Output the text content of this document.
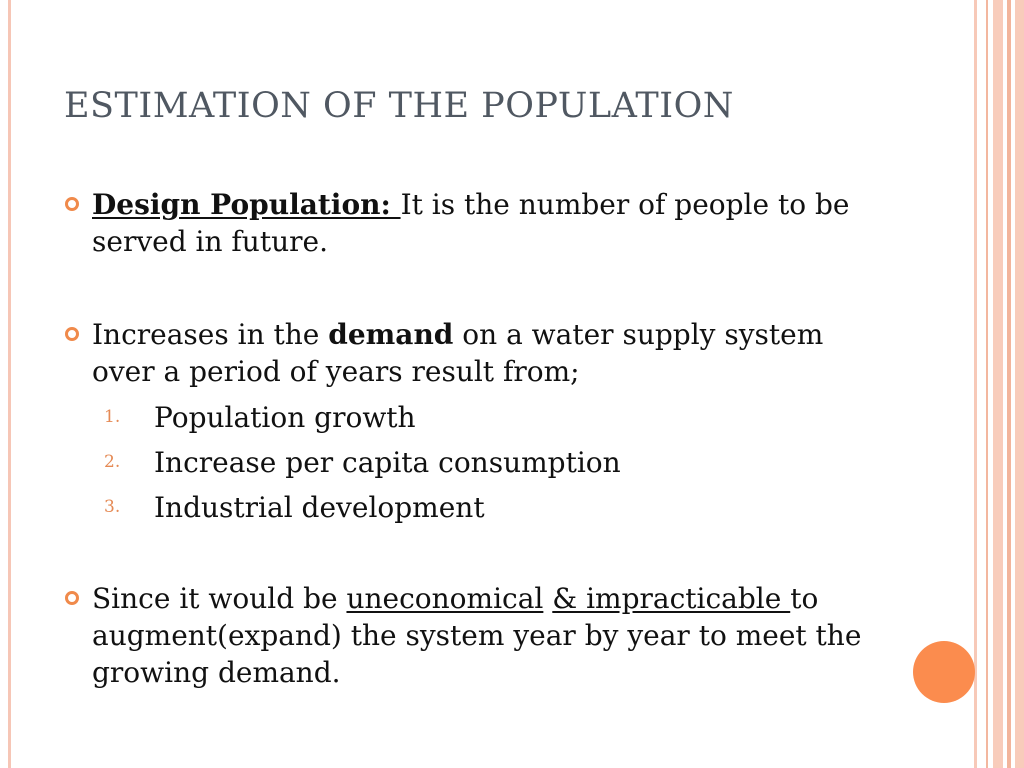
ESTIMATION OF THE POPULATION
Design Population: It is the number of people to be
served in future.
Increases in the demand on a water supply system
over a period of years result from;
1. Population growth
2. Increase per capita consumption
3. Industrial development
Since it would be uneconomical & impracticable to
augment(expand) the system year by year to meet the
growing demand.
